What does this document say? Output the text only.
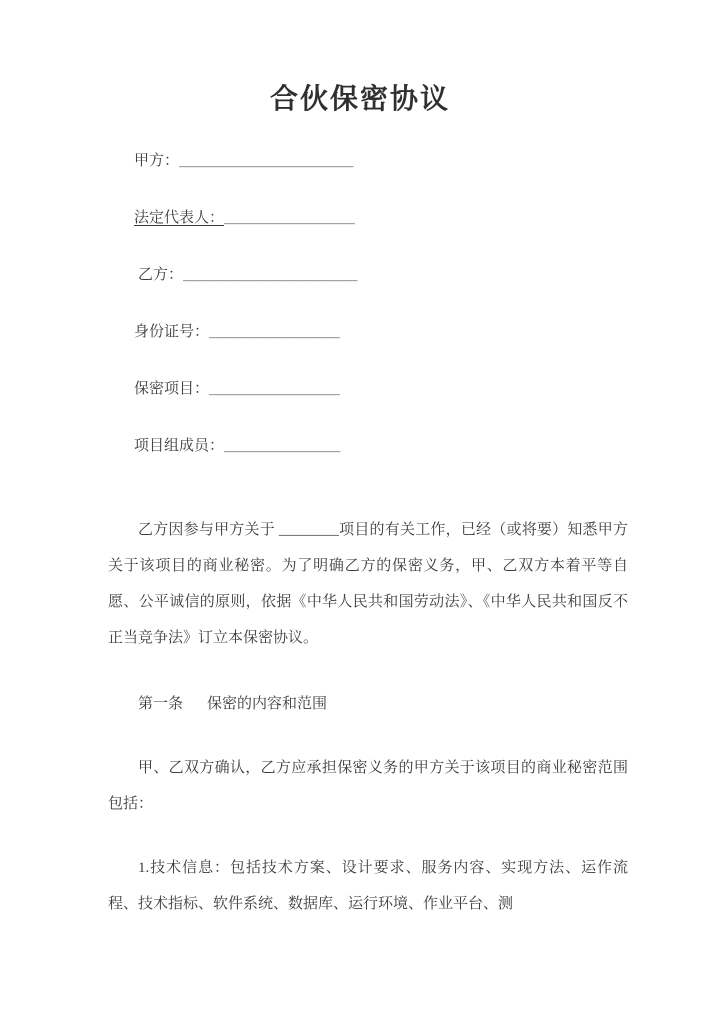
合伙保密协议
甲方： ＿＿＿＿＿＿＿＿＿＿＿＿
法定代表人： ＿＿＿＿＿＿＿＿＿
乙方： ＿＿＿＿＿＿＿＿＿＿＿＿
身份证号： ＿＿＿＿＿＿＿＿＿
保密项目： ＿＿＿＿＿＿＿＿＿
项目组成员： ＿＿＿＿＿＿＿＿

乙方因参与甲方关于 ________项目的有关工作，已经（或将要）知悉甲方关于该项目的商业秘密。为了明确乙方的保密义务，甲、乙双方本着平等自愿、公平诚信的原则，依据《中华人民共和国劳动法》、《中华人民共和国反不正当竞争法》订立本保密协议。

第一条 保密的内容和范围

甲、乙双方确认，乙方应承担保密义务的甲方关于该项目的商业秘密范围包括：

1.技术信息：包括技术方案、设计要求、服务内容、实现方法、运作流程、技术指标、软件系统、数据库、运行环境、作业平台、测
